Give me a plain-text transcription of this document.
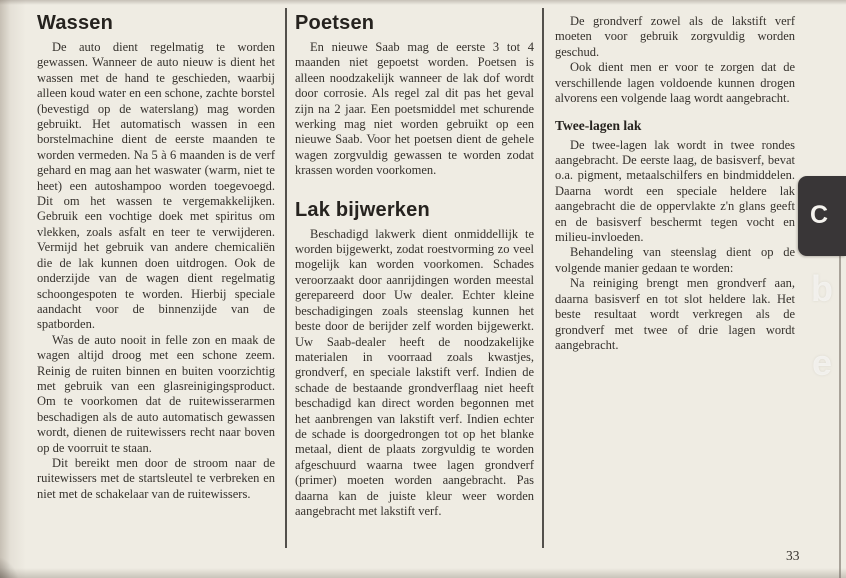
Wassen

De auto dient regelmatig te worden gewassen. Wanneer de auto nieuw is dient het wassen met de hand te geschieden, waarbij alleen koud water en een schone, zachte borstel (bevestigd op de waterslang) mag worden gebruikt. Het automatisch wassen in een borstelmachine dient de eerste maanden te worden vermeden. Na 5 à 6 maanden is de verf gehard en mag aan het waswater (warm, niet te heet) een autoshampoo worden toegevoegd. Dit om het wassen te vergemakkelijken. Gebruik een vochtige doek met spiritus om vlekken, zoals asfalt en teer te verwijderen. Vermijd het gebruik van andere chemicaliën die de lak kunnen doen uitdrogen. Ook de onderzijde van de wagen dient regelmatig schoongespoten te worden. Hierbij speciale aandacht voor de binnenzijde van de spatborden.

Was de auto nooit in felle zon en maak de wagen altijd droog met een schone zeem. Reinig de ruiten binnen en buiten voorzichtig met gebruik van een glasreinigingsproduct. Om te voorkomen dat de ruitewisserarmen beschadigen als de auto automatisch gewassen wordt, dienen de ruitewissers recht naar boven op de voorruit te staan.

Dit bereikt men door de stroom naar de ruitewissers met de startsleutel te verbreken en niet met de schakelaar van de ruitewissers.

Poetsen

En nieuwe Saab mag de eerste 3 tot 4 maanden niet gepoetst worden. Poetsen is alleen noodzakelijk wanneer de lak dof wordt door corrosie. Als regel zal dit pas het geval zijn na 2 jaar. Een poetsmiddel met schurende werking mag niet worden gebruikt op een nieuwe Saab. Voor het poetsen dient de gehele wagen zorgvuldig gewassen te worden zodat krassen worden voorkomen.

Lak bijwerken

Beschadigd lakwerk dient onmiddellijk te worden bijgewerkt, zodat roestvorming zo veel mogelijk kan worden voorkomen. Schades veroorzaakt door aanrijdingen worden meestal gerepareerd door Uw dealer. Echter kleine beschadigingen zoals steenslag kunnen het beste door de berijder zelf worden bijgewerkt. Uw Saab-dealer heeft de noodzakelijke materialen in voorraad zoals kwastjes, grondverf, en speciale lakstift verf. Indien de schade de bestaande grondverflaag niet heeft beschadigd kan direct worden begonnen met het aanbrengen van lakstift verf. Indien echter de schade is doorgedrongen tot op het blanke metaal, dient de plaats zorgvuldig te worden afgeschuurd waarna twee lagen grondverf (primer) moeten worden aangebracht. Pas daarna kan de juiste kleur weer worden aangebracht met lakstift verf.

De grondverf zowel als de lakstift verf moeten voor gebruik zorgvuldig worden geschud.

Ook dient men er voor te zorgen dat de verschillende lagen voldoende kunnen drogen alvorens een volgende laag wordt aangebracht.

Twee-lagen lak

De twee-lagen lak wordt in twee rondes aangebracht. De eerste laag, de basisverf, bevat o.a. pigment, metaalschilfers en bindmiddelen. Daarna wordt een speciale heldere lak aangebracht die de oppervlakte z'n glans geeft en de basisverf beschermt tegen vocht en milieu-invloeden.

Behandeling van steenslag dient op de volgende manier gedaan te worden:

Na reiniging brengt men grondverf aan, daarna basisverf en tot slot heldere lak. Het beste resultaat wordt verkregen als de grondverf met twee of drie lagen wordt aangebracht.

C
b
e
33
